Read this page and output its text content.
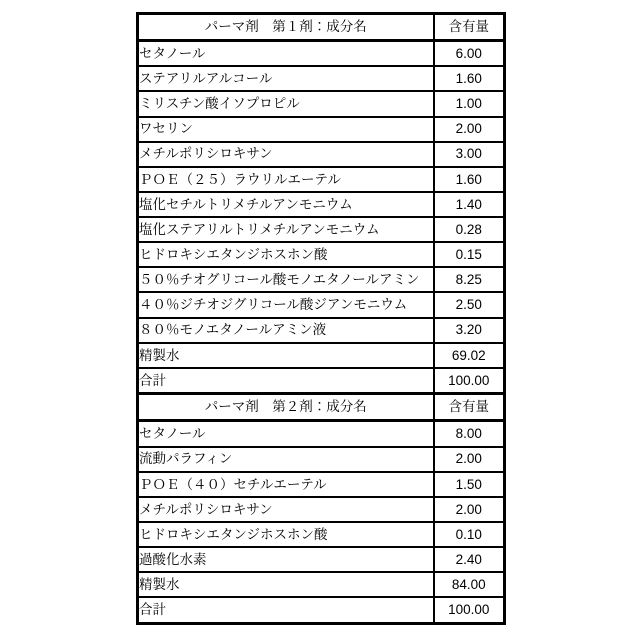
パーマ剤　第１剤：成分名	含有量
セタノール	6.00
ステアリルアルコール	1.60
ミリスチン酸イソプロピル	1.00
ワセリン	2.00
メチルポリシロキサン	3.00
ＰＯＥ（２５）ラウリルエーテル	1.60
塩化セチルトリメチルアンモニウム	1.40
塩化ステアリルトリメチルアンモニウム	0.28
ヒドロキシエタンジホスホン酸	0.15
５０％チオグリコール酸モノエタノールアミン	8.25
４０％ジチオジグリコール酸ジアンモニウム	2.50
８０％モノエタノールアミン液	3.20
精製水	69.02
合計	100.00
パーマ剤　第２剤：成分名	含有量
セタノール	8.00
流動パラフィン	2.00
ＰＯＥ（４０）セチルエーテル	1.50
メチルポリシロキサン	2.00
ヒドロキシエタンジホスホン酸	0.10
過酸化水素	2.40
精製水	84.00
合計	100.00
